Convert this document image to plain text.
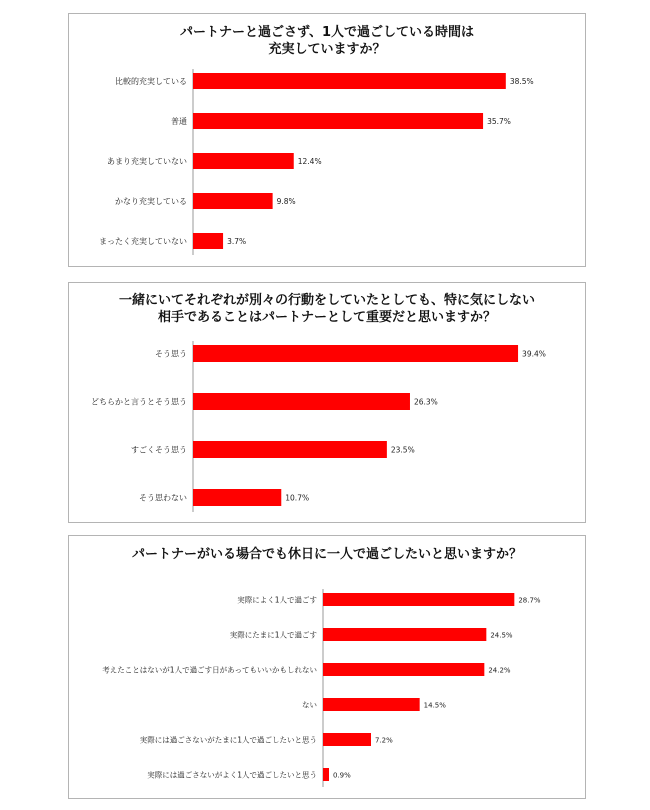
パートナーと過ごさず、1人で過ごしている時間は
充実していますか？
比較的充実している	38.5%
普通	35.7%
あまり充実していない	12.4%
かなり充実している	9.8%
まったく充実していない	3.7%
一緒にいてそれぞれが別々の行動をしていたとしても、特に気にしない
相手であることはパートナーとして重要だと思いますか？
そう思う	39.4%
どちらかと言うとそう思う	26.3%
すごくそう思う	23.5%
そう思わない	10.7%
パートナーがいる場合でも休日に一人で過ごしたいと思いますか？
実際によく1人で過ごす	28.7%
実際にたまに1人で過ごす	24.5%
考えたことはないが1人で過ごす日があってもいいかもしれない	24.2%
ない	14.5%
実際には過ごさないがたまに1人で過ごしたいと思う	7.2%
実際には過ごさないがよく1人で過ごしたいと思う 0.9%
